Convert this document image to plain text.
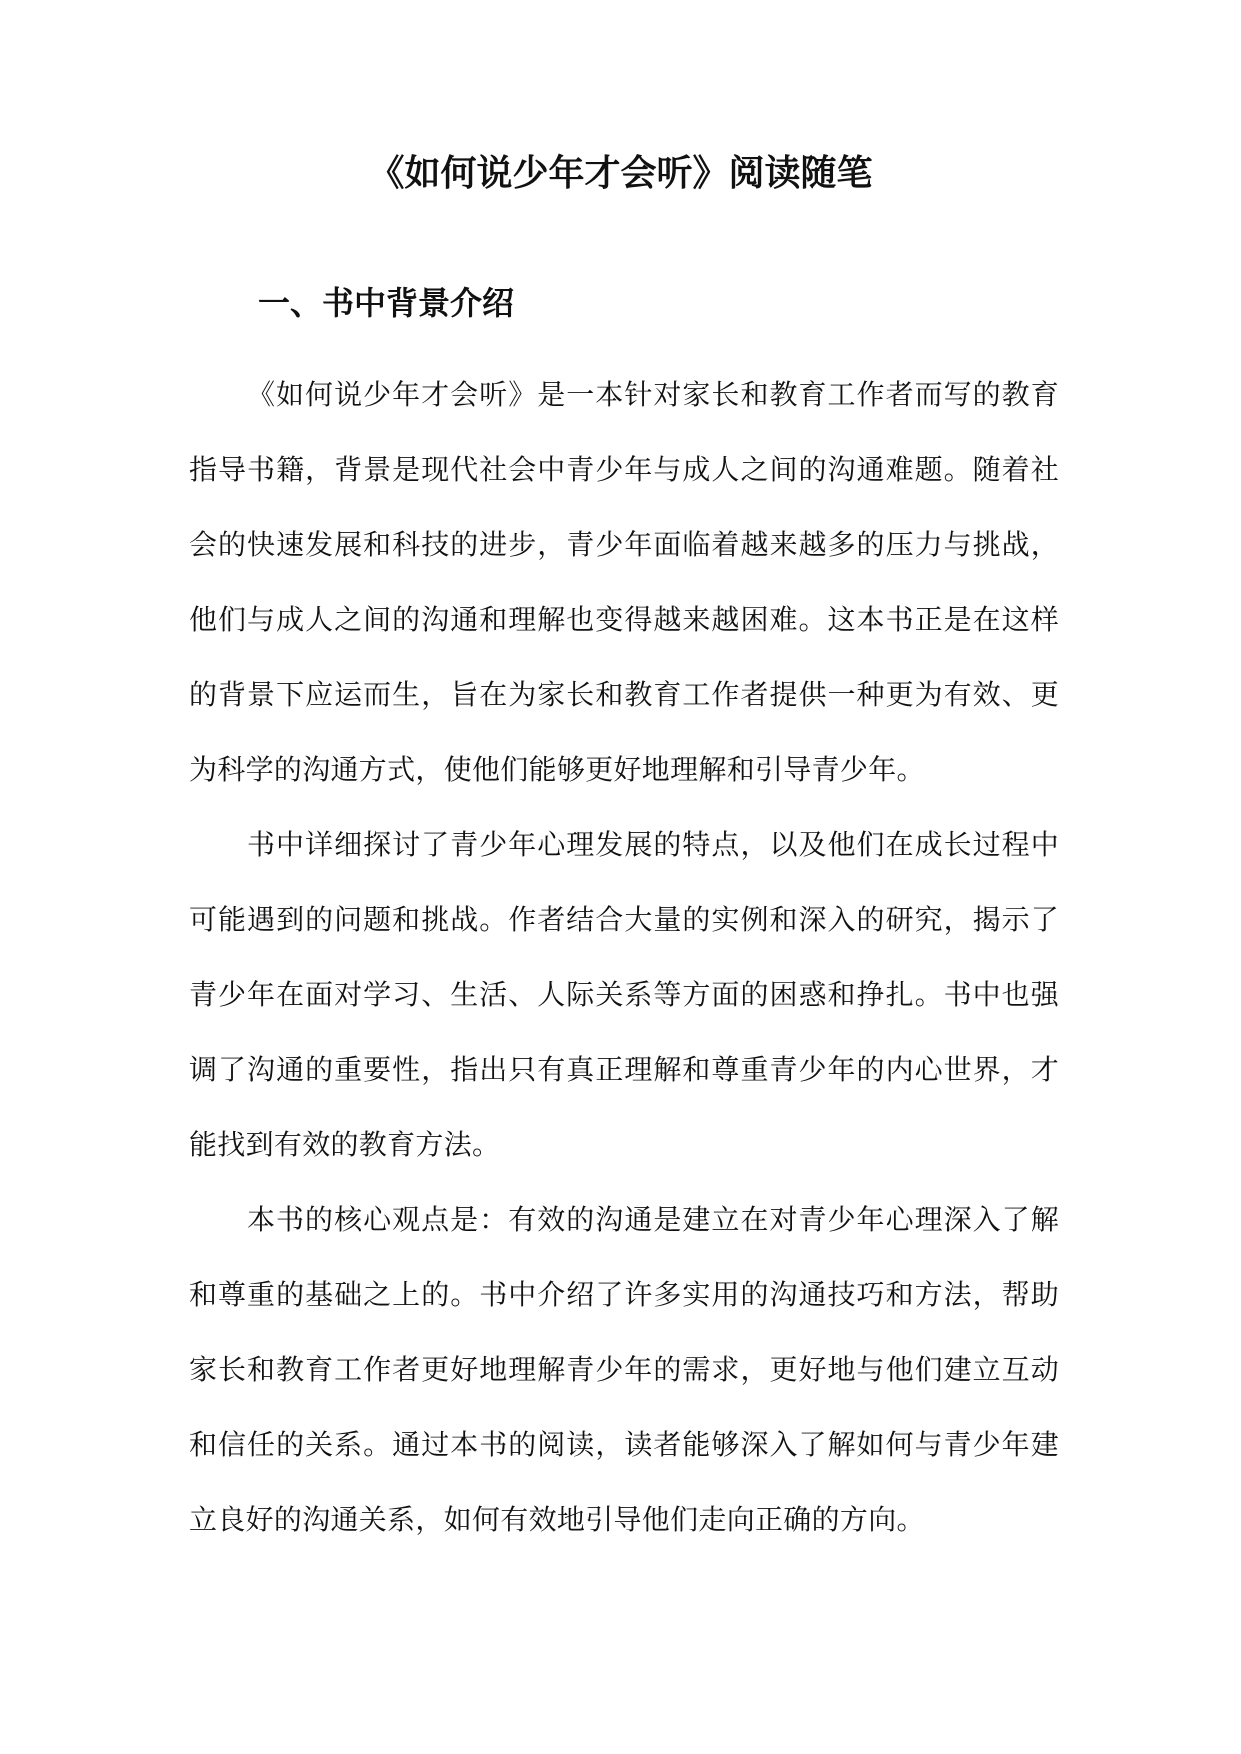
《如何说少年才会听》阅读随笔
一、书中背景介绍

《如何说少年才会听》是一本针对家长和教育工作者而写的教育指导书籍，背景是现代社会中青少年与成人之间的沟通难题。随着社会的快速发展和科技的进步，青少年面临着越来越多的压力与挑战，他们与成人之间的沟通和理解也变得越来越困难。这本书正是在这样的背景下应运而生，旨在为家长和教育工作者提供一种更为有效、更为科学的沟通方式，使他们能够更好地理解和引导青少年。

书中详细探讨了青少年心理发展的特点，以及他们在成长过程中可能遇到的问题和挑战。作者结合大量的实例和深入的研究，揭示了青少年在面对学习、生活、人际关系等方面的困惑和挣扎。书中也强调了沟通的重要性，指出只有真正理解和尊重青少年的内心世界，才能找到有效的教育方法。

本书的核心观点是：有效的沟通是建立在对青少年心理深入了解和尊重的基础之上的。书中介绍了许多实用的沟通技巧和方法，帮助家长和教育工作者更好地理解青少年的需求，更好地与他们建立互动和信任的关系。通过本书的阅读，读者能够深入了解如何与青少年建立良好的沟通关系，如何有效地引导他们走向正确的方向。
